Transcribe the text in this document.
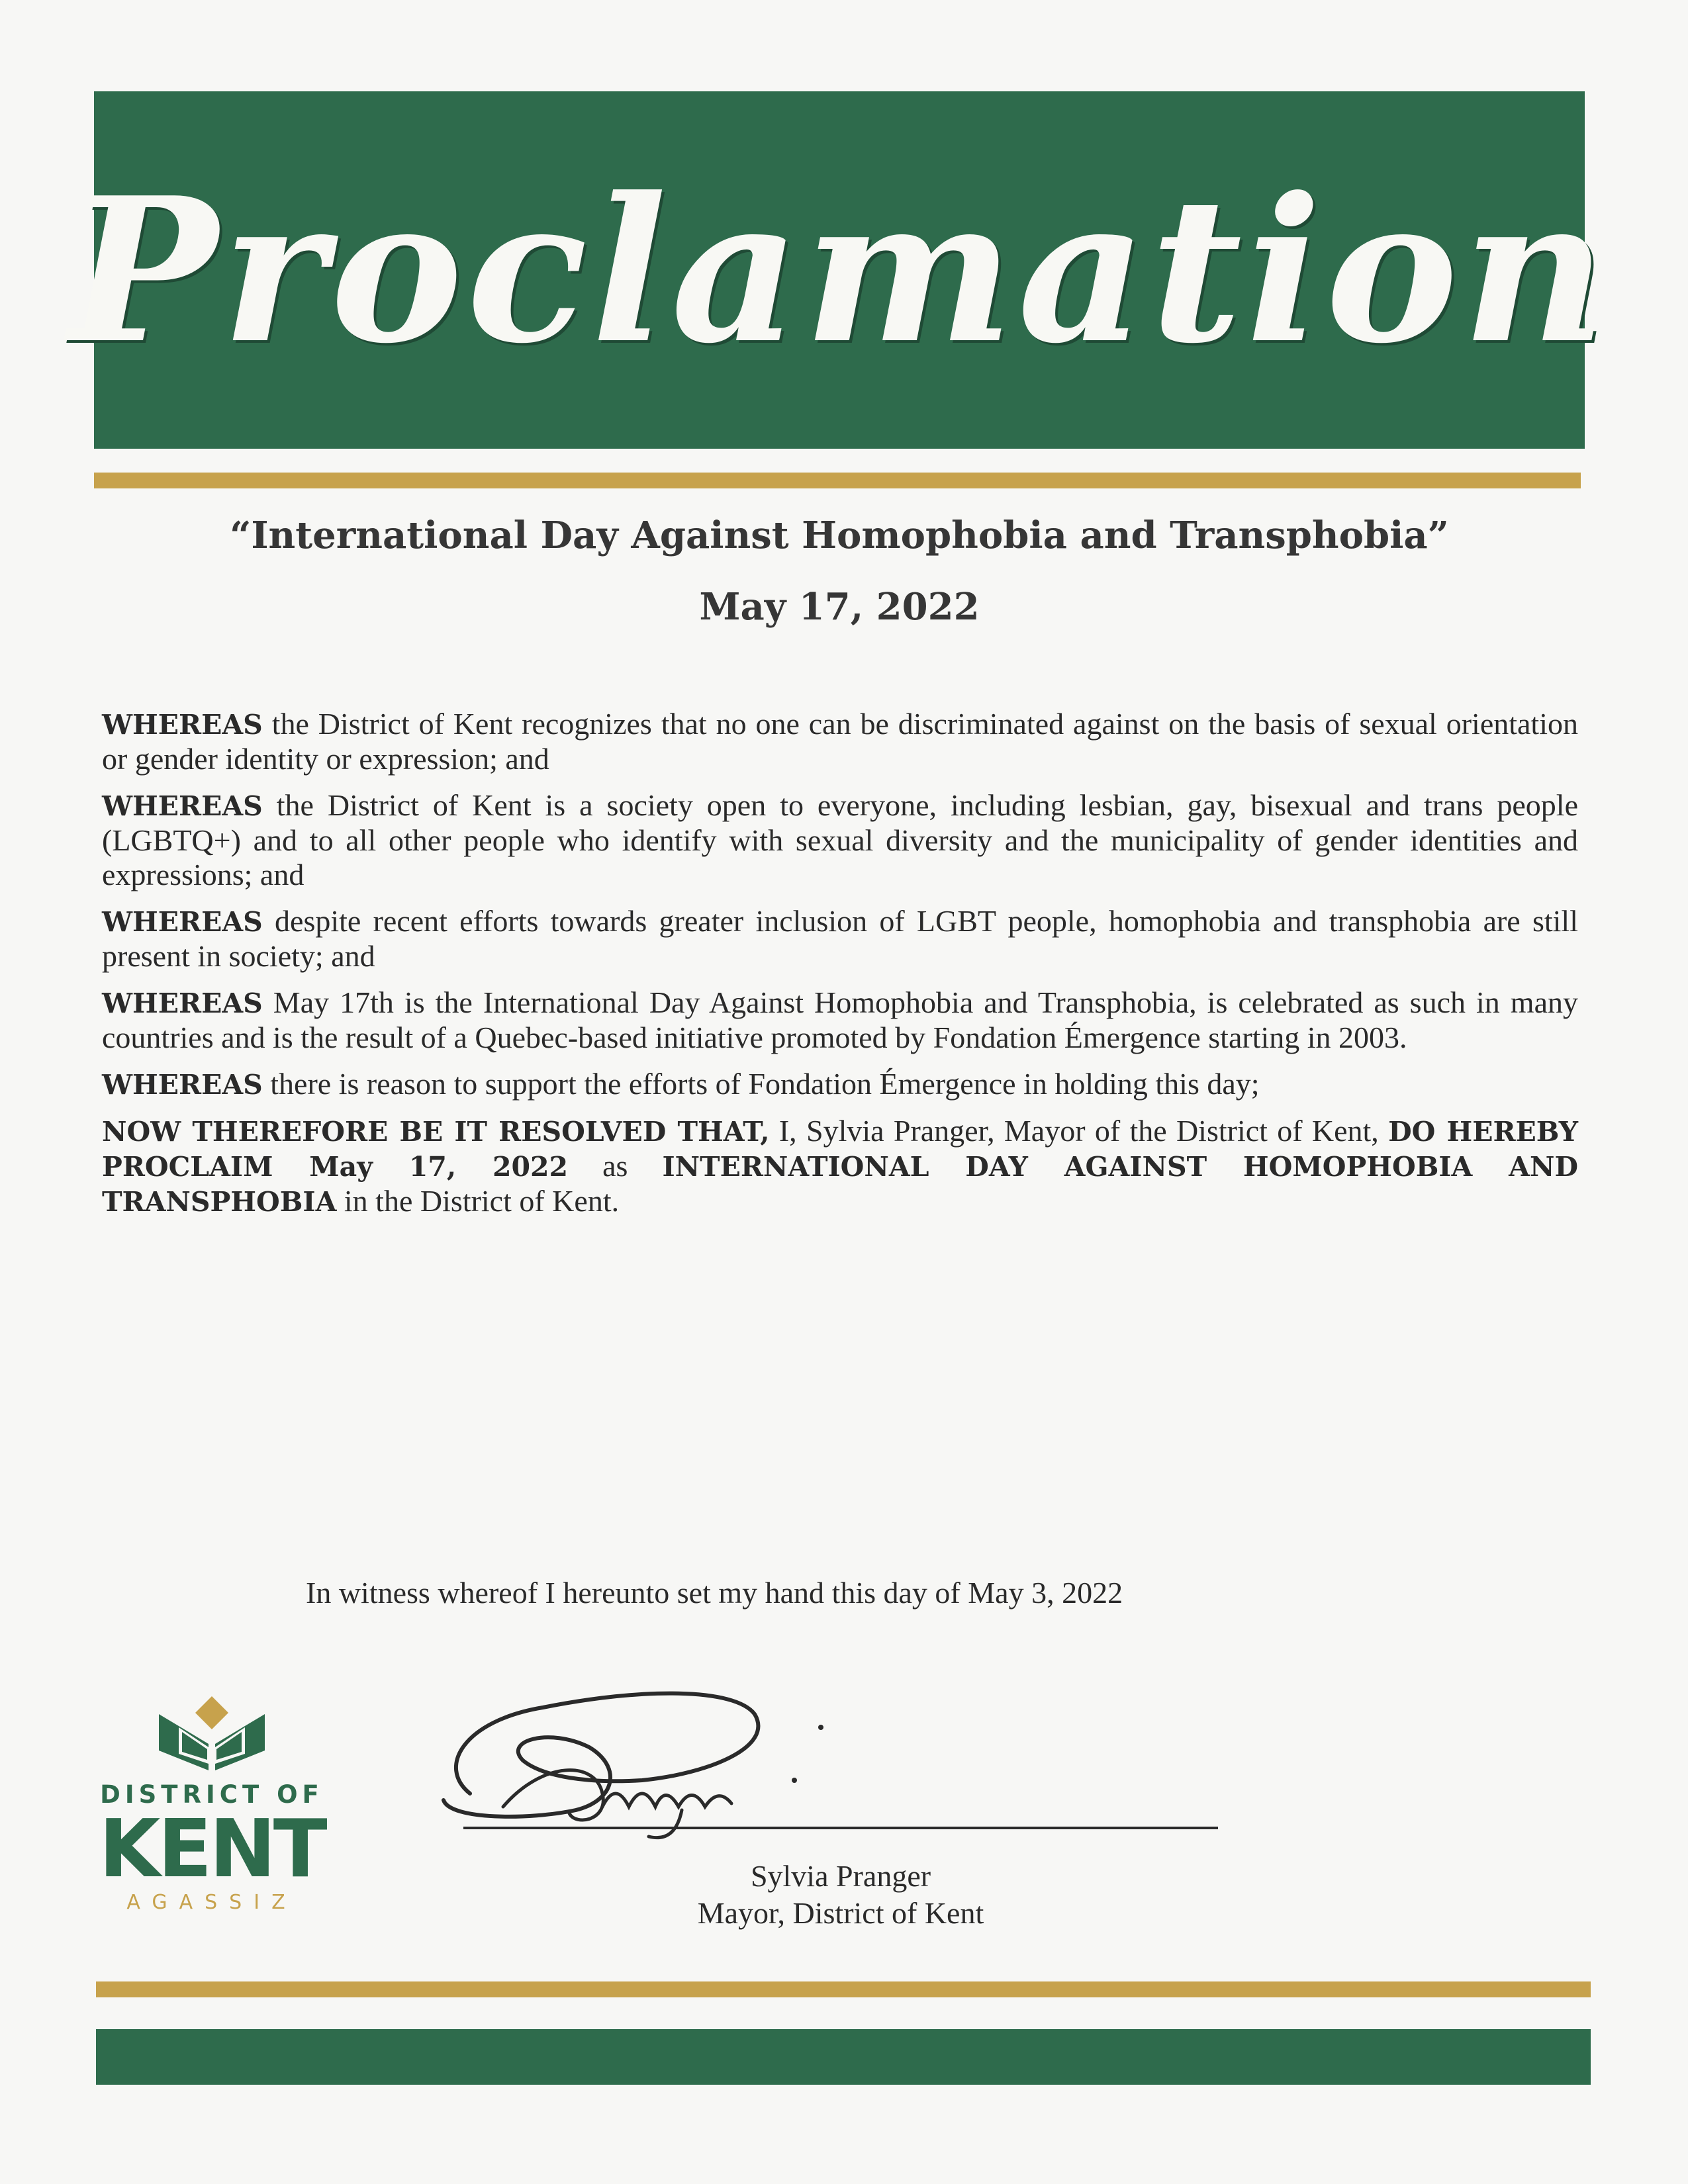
Proclamation
“International Day Against Homophobia and Transphobia”
May 17, 2022

WHEREAS the District of Kent recognizes that no one can be discriminated against on the basis of sexual orientation or gender identity or expression; and

WHEREAS the District of Kent is a society open to everyone, including lesbian, gay, bisexual and trans people (LGBTQ+) and to all other people who identify with sexual diversity and the municipality of gender identities and expressions; and

WHEREAS despite recent efforts towards greater inclusion of LGBT people, homophobia and transphobia are still present in society; and

WHEREAS May 17th is the International Day Against Homophobia and Transphobia, is celebrated as such in many countries and is the result of a Quebec-based initiative promoted by Fondation Émergence starting in 2003.

WHEREAS there is reason to support the efforts of Fondation Émergence in holding this day;

NOW THEREFORE BE IT RESOLVED THAT, I, Sylvia Pranger, Mayor of the District of Kent, DO HEREBY PROCLAIM May 17, 2022 as INTERNATIONAL DAY AGAINST HOMOPHOBIA AND TRANSPHOBIA in the District of Kent.

In witness whereof I hereunto set my hand this day of May 3, 2022
Sylvia Pranger
Mayor, District of Kent
DISTRICT OF
KENT
AGASSIZ
